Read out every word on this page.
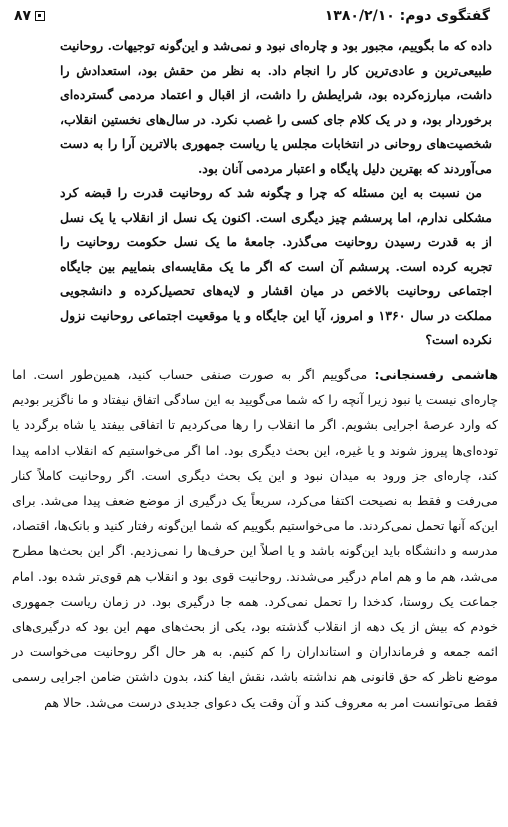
گفتگوی دوم: ۱۳۸۰/۲/۱۰
۸۷

داده که ما بگوییم، مجبور بود و چاره‌ای نبود و نمی‌شد و این‌گونه توجیهات. روحانیت طبیعی‌ترین و عادی‌ترین کار را انجام داد. به نظر من حقش بود، استعدادش را داشت، مبارزه‌کرده بود، شرایطش را داشت، از اقبال و اعتماد مردمی گسترده‌ای برخوردار بود، و در یک کلام جای کسی را غصب نکرد. در سال‌های نخستین انقلاب، شخصیت‌های روحانی در انتخابات مجلس یا ریاست جمهوری بالاترین آرا را به دست می‌آوردند که بهترین دلیل پایگاه و اعتبار مردمی آنان بود.

من نسبت به این مسئله که چرا و چگونه شد که روحانیت قدرت را قبضه کرد مشکلی ندارم، اما پرسشم چیز دیگری است. اکنون یک نسل از انقلاب یا یک نسل از به قدرت رسیدن روحانیت می‌گذرد. جامعهٔ ما یک نسل حکومت روحانیت را تجربه کرده است. پرسشم آن است که اگر ما یک مقایسه‌ای بنماییم بین جایگاه اجتماعی روحانیت بالاخص در میان اقشار و لایه‌های تحصیل‌کرده و دانشجویی مملکت در سال ۱۳۶۰ و امروز، آیا این جایگاه و یا موقعیت اجتماعی روحانیت نزول نکرده است؟

هاشمی رفسنجانی: می‌گوییم اگر به صورت صنفی حساب کنید، همین‌طور است. اما چاره‌ای نیست یا نبود زیرا آنچه را که شما می‌گویید به این سادگی اتفاق نیفتاد و ما ناگزیر بودیم که وارد عرصهٔ اجرایی بشویم. اگر ما انقلاب را رها می‌کردیم تا اتفاقی بیفتد یا شاه برگردد یا توده‌ای‌ها پیروز شوند و یا غیره، این بحث دیگری بود. اما اگر می‌خواستیم که انقلاب ادامه پیدا کند، چاره‌ای جز ورود به میدان نبود و این یک بحث دیگری است. اگر روحانیت کاملاً کنار می‌رفت و فقط به نصیحت اکتفا می‌کرد، سریعاً یک درگیری از موضع ضعف پیدا می‌شد. برای این‌که آنها تحمل نمی‌کردند. ما می‌خواستیم بگوییم که شما این‌گونه رفتار کنید و بانک‌ها، اقتصاد، مدرسه و دانشگاه باید این‌گونه باشد و یا اصلاً این حرف‌ها را نمی‌زدیم. اگر این بحث‌ها مطرح می‌شد، هم ما و هم امام درگیر می‌شدند. روحانیت قوی بود و انقلاب هم قوی‌تر شده بود. امام جماعت یک روستا، کدخدا را تحمل نمی‌کرد. همه جا درگیری بود. در زمان ریاست جمهوری خودم که بیش از یک دهه از انقلاب گذشته بود، یکی از بحث‌های مهم این بود که درگیری‌های ائمه جمعه و فرمانداران و استانداران را کم کنیم. به هر حال اگر روحانیت می‌خواست در موضع ناظر که حق قانونی هم نداشته باشد، نقش ایفا کند، بدون داشتن ضامن اجرایی رسمی فقط می‌توانست امر به معروف کند و آن وقت یک دعوای جدیدی درست می‌شد. حالا هم
